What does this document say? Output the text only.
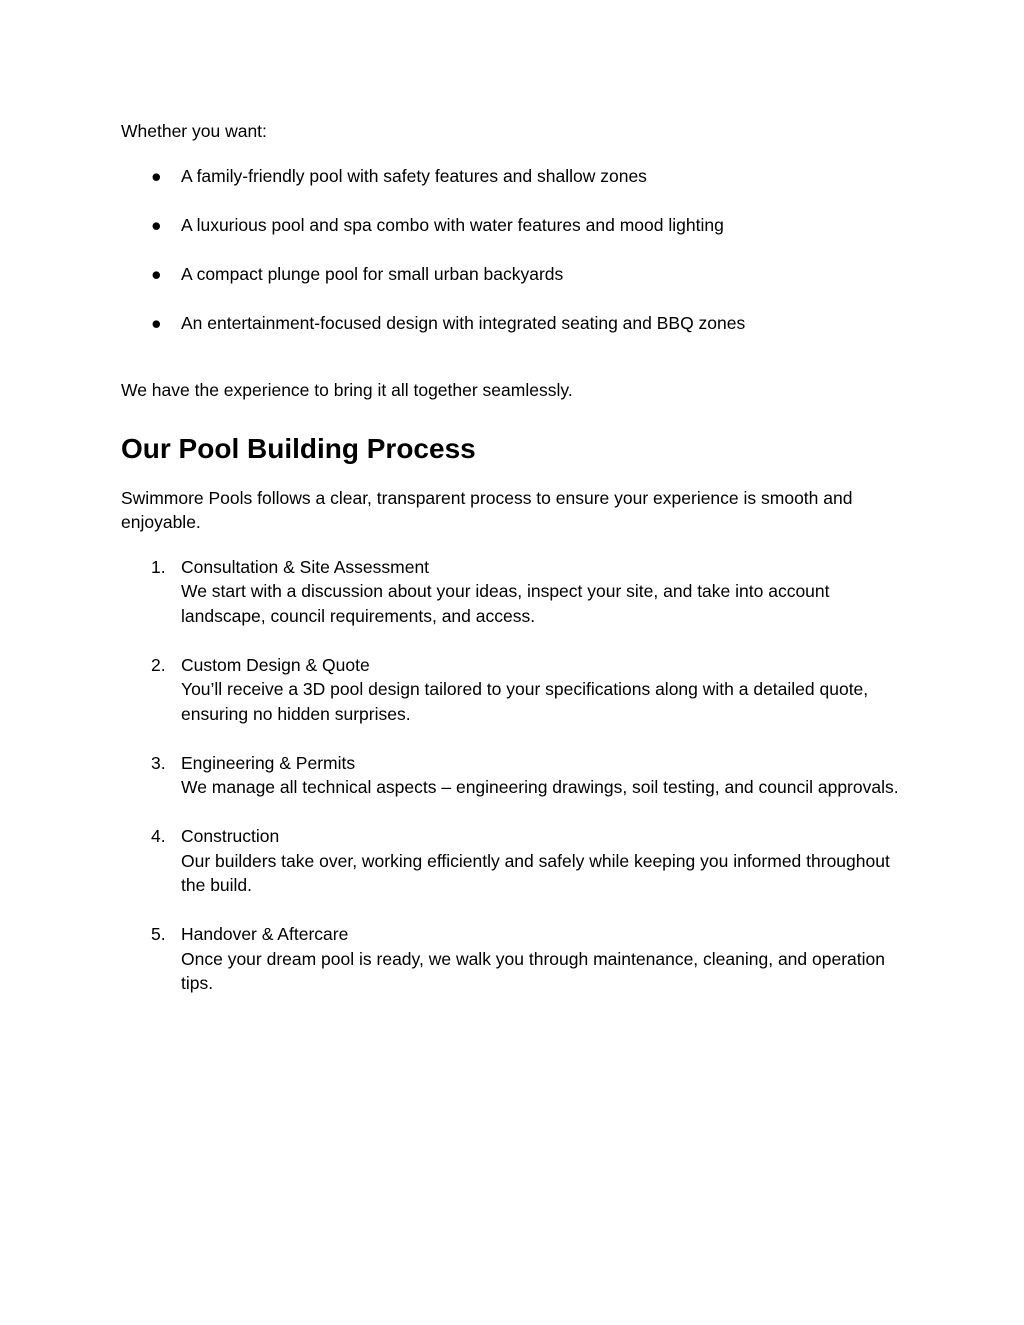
Whether you want:

●	A family-friendly pool with safety features and shallow zones
●	A luxurious pool and spa combo with water features and mood lighting
●	A compact plunge pool for small urban backyards
●	An entertainment-focused design with integrated seating and BBQ zones

We have the experience to bring it all together seamlessly.

Our Pool Building Process

Swimmore Pools follows a clear, transparent process to ensure your experience is smooth and enjoyable.

1. Consultation & Site Assessment
We start with a discussion about your ideas, inspect your site, and take into account landscape, council requirements, and access.
2. Custom Design & Quote
You’ll receive a 3D pool design tailored to your specifications along with a detailed quote, ensuring no hidden surprises.
3. Engineering & Permits
We manage all technical aspects – engineering drawings, soil testing, and council approvals.
4. Construction
Our builders take over, working efficiently and safely while keeping you informed throughout the build.
5. Handover & Aftercare
Once your dream pool is ready, we walk you through maintenance, cleaning, and operation tips.
